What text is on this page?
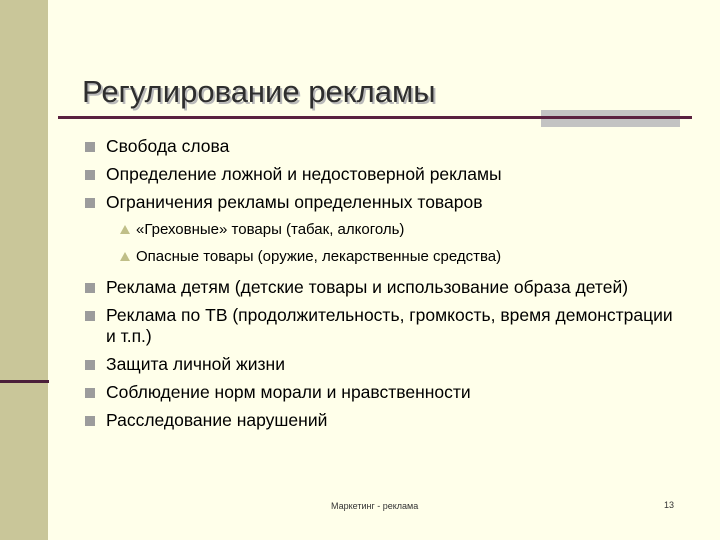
Регулирование рекламы
Свобода слова
Определение ложной и недостоверной рекламы
Ограничения рекламы определенных товаров
«Греховные» товары (табак, алкоголь)
Опасные товары (оружие, лекарственные средства)
Реклама детям (детские товары и использование образа детей)
Реклама по ТВ (продолжительность, громкость, время демонстрации и т.п.)
Защита личной жизни
Соблюдение норм морали и нравственности
Расследование нарушений
Маркетинг - реклама	13
